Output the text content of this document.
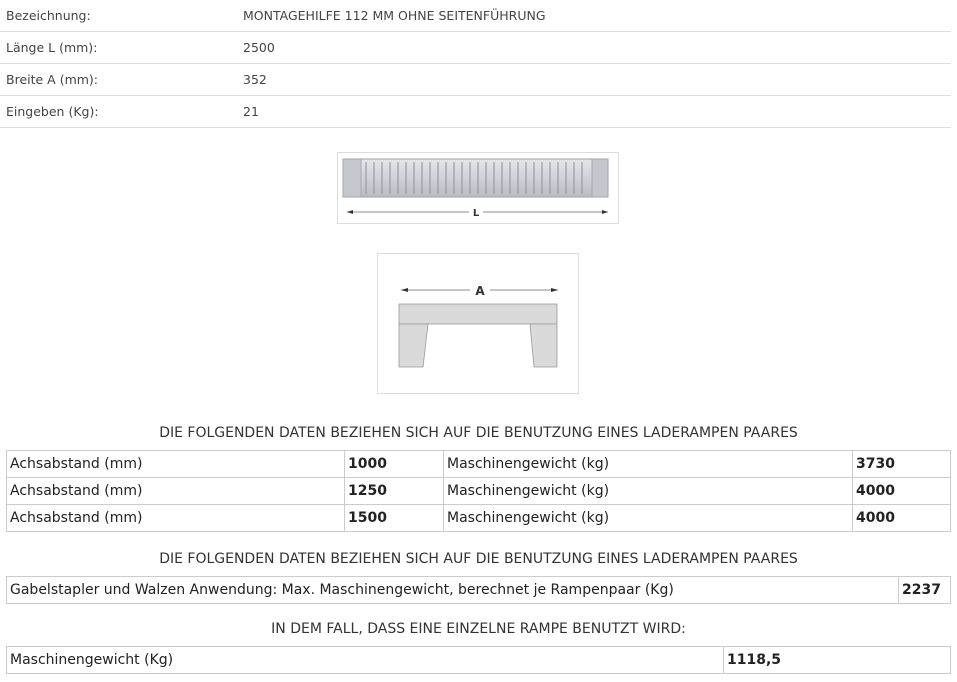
Bezeichnung:	MONTAGEHILFE 112 MM OHNE SEITENFÜHRUNG
Länge L (mm):	2500
Breite A (mm):	352
Eingeben (Kg):	21
L
A
DIE FOLGENDEN DATEN BEZIEHEN SICH AUF DIE BENUTZUNG EINES LADERAMPEN PAARES
Achsabstand (mm)	1000	Maschinengewicht (kg)	3730
Achsabstand (mm)	1250	Maschinengewicht (kg)	4000
Achsabstand (mm)	1500	Maschinengewicht (kg)	4000
DIE FOLGENDEN DATEN BEZIEHEN SICH AUF DIE BENUTZUNG EINES LADERAMPEN PAARES
Gabelstapler und Walzen Anwendung: Max. Maschinengewicht, berechnet je Rampenpaar (Kg)	2237
IN DEM FALL, DASS EINE EINZELNE RAMPE BENUTZT WIRD:
Maschinengewicht (Kg)	1118,5
